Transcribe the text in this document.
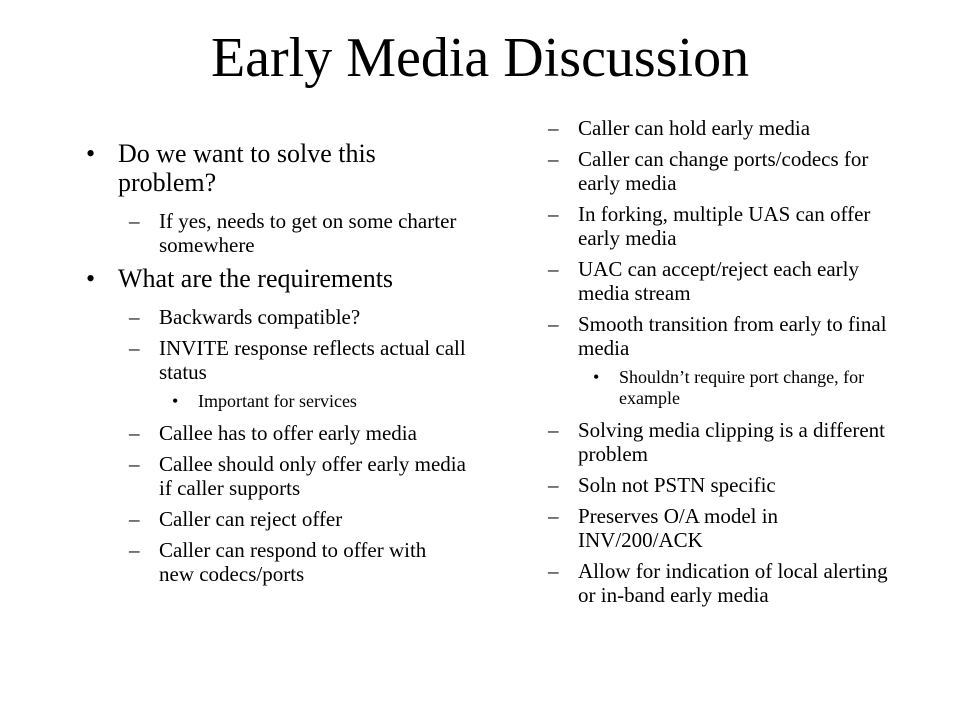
Early Media Discussion
• Do we want to solve this problem?
– If yes, needs to get on some charter somewhere
• What are the requirements
– Backwards compatible?
– INVITE response reflects actual call status
• Important for services
– Callee has to offer early media
– Callee should only offer early media if caller supports
– Caller can reject offer
– Caller can respond to offer with new codecs/ports
– Caller can hold early media
– Caller can change ports/codecs for early media
– In forking, multiple UAS can offer early media
– UAC can accept/reject each early media stream
– Smooth transition from early to final media
• Shouldn’t require port change, for example
– Solving media clipping is a different problem
– Soln not PSTN specific
– Preserves O/A model in INV/200/ACK
– Allow for indication of local alerting or in-band early media
